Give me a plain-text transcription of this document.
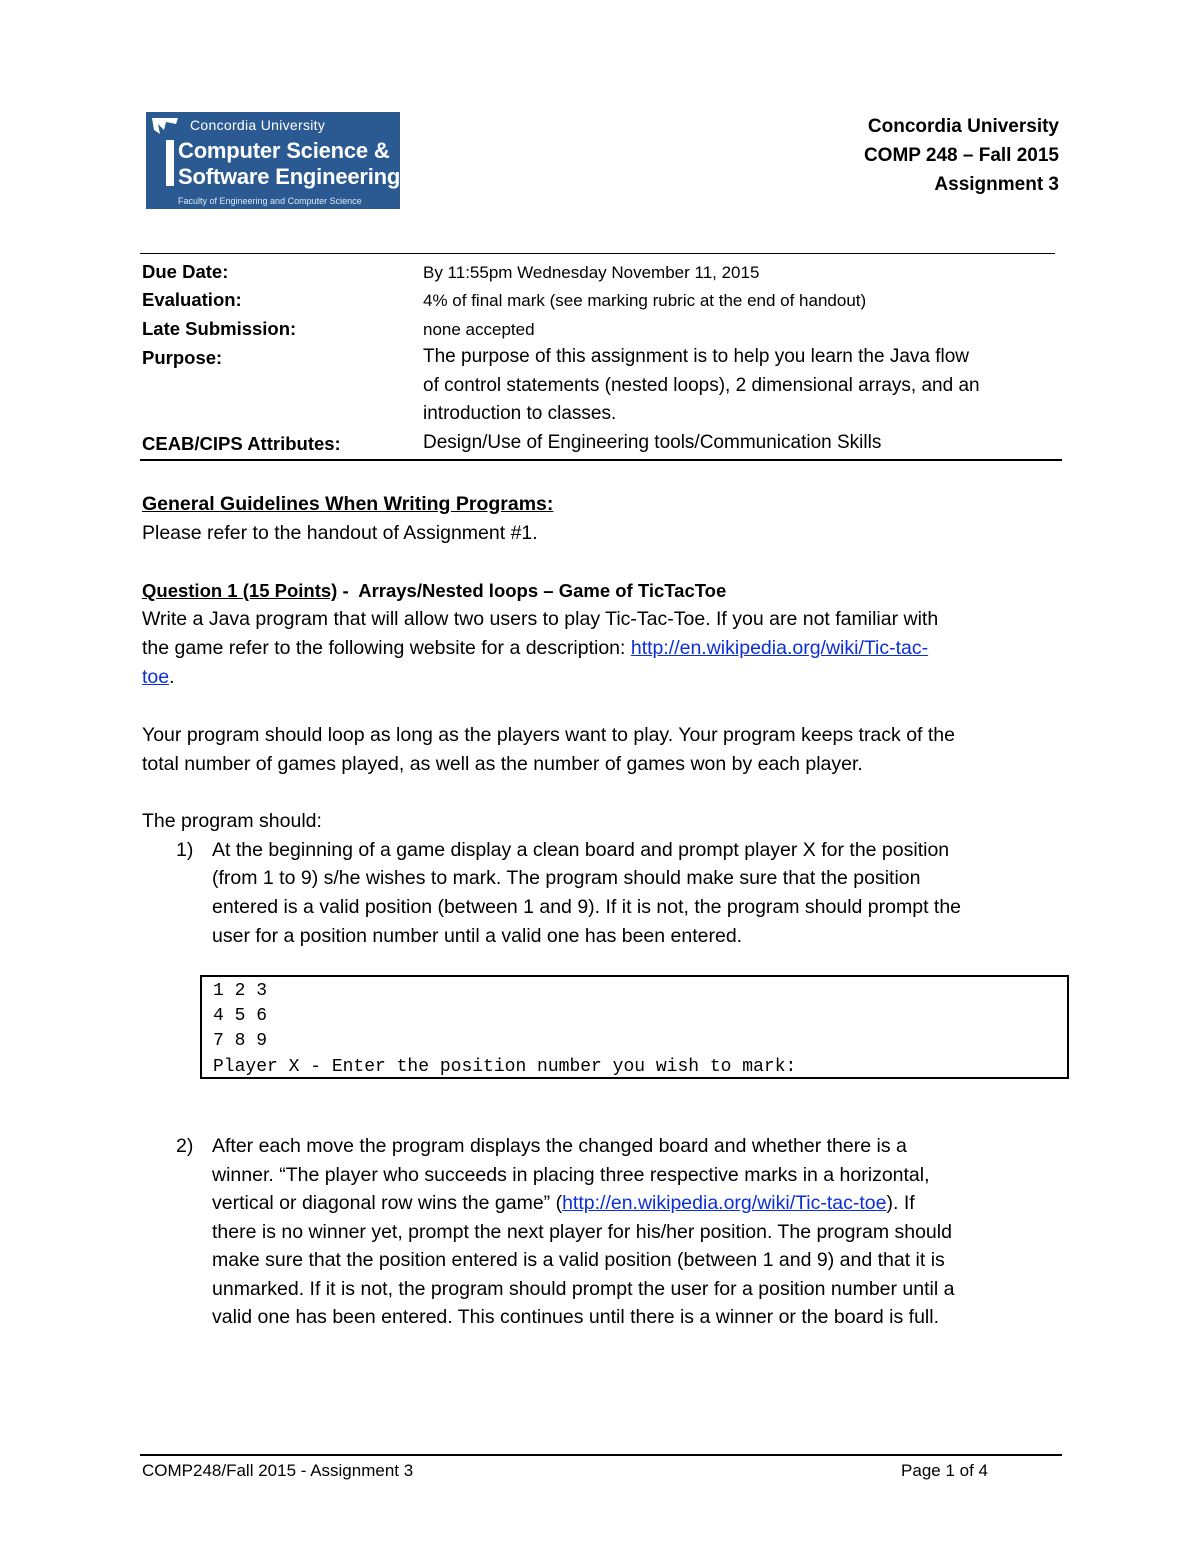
Concordia University
Computer Science &
Software Engineering
Faculty of Engineering and Computer Science
Concordia University
COMP 248 – Fall 2015
Assignment 3
Due Date:	By 11:55pm Wednesday November 11, 2015
Evaluation:	4% of final mark (see marking rubric at the end of handout)
Late Submission:	none accepted
Purpose:	The purpose of this assignment is to help you learn the Java flow
of control statements (nested loops), 2 dimensional arrays, and an
introduction to classes.
CEAB/CIPS Attributes:	Design/Use of Engineering tools/Communication Skills
General Guidelines When Writing Programs:
Please refer to the handout of Assignment #1.
Question 1 (15 Points) -  Arrays/Nested loops – Game of TicTacToe
Write a Java program that will allow two users to play Tic-Tac-Toe. If you are not familiar with
the game refer to the following website for a description: http://en.wikipedia.org/wiki/Tic-tac-
toe.
Your program should loop as long as the players want to play. Your program keeps track of the
total number of games played, as well as the number of games won by each player.
The program should:
1) At the beginning of a game display a clean board and prompt player X for the position
(from 1 to 9) s/he wishes to mark. The program should make sure that the position
entered is a valid position (between 1 and 9). If it is not, the program should prompt the
user for a position number until a valid one has been entered.
1 2 3
4 5 6
7 8 9
Player X - Enter the position number you wish to mark:
2) After each move the program displays the changed board and whether there is a
winner. “The player who succeeds in placing three respective marks in a horizontal,
vertical or diagonal row wins the game” (http://en.wikipedia.org/wiki/Tic-tac-toe). If
there is no winner yet, prompt the next player for his/her position. The program should
make sure that the position entered is a valid position (between 1 and 9) and that it is
unmarked. If it is not, the program should prompt the user for a position number until a
valid one has been entered. This continues until there is a winner or the board is full.
COMP248/Fall 2015 - Assignment 3	Page 1 of 4
